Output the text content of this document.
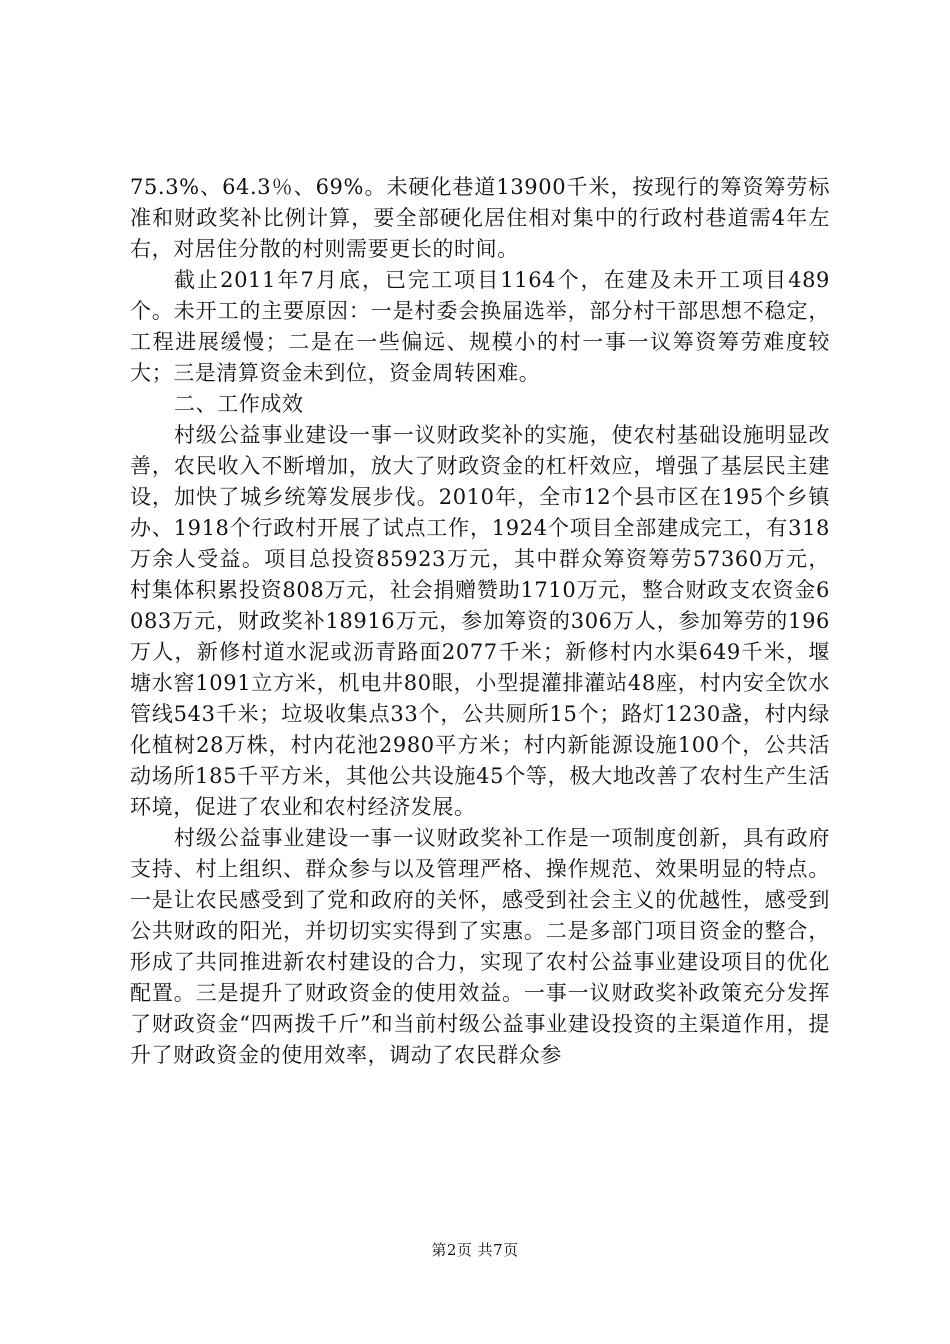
75.3%、64.3％、69%。未硬化巷道13900千米，按现行的筹资筹劳标准和财政奖补比例计算，要全部硬化居住相对集中的行政村巷道需4年左右，对居住分散的村则需要更长的时间。

截止2011年7月底，已完工项目1164个，在建及未开工项目489个。未开工的主要原因：一是村委会换届选举，部分村干部思想不稳定，工程进展缓慢；二是在一些偏远、规模小的村一事一议筹资筹劳难度较大；三是清算资金未到位，资金周转困难。

二、工作成效

村级公益事业建设一事一议财政奖补的实施，使农村基础设施明显改善，农民收入不断增加，放大了财政资金的杠杆效应，增强了基层民主建设，加快了城乡统筹发展步伐。2010年，全市12个县市区在195个乡镇办、1918个行政村开展了试点工作，1924个项目全部建成完工，有318万余人受益。项目总投资85923万元，其中群众筹资筹劳57360万元，村集体积累投资808万元，社会捐赠赞助1710万元，整合财政支农资金6083万元，财政奖补18916万元，参加筹资的306万人，参加筹劳的196万人，新修村道水泥或沥青路面2077千米；新修村内水渠649千米，堰塘水窖1091立方米，机电井80眼，小型提灌排灌站48座，村内安全饮水管线543千米；垃圾收集点33个，公共厕所15个；路灯1230盏，村内绿化植树28万株，村内花池2980平方米；村内新能源设施100个，公共活动场所185千平方米，其他公共设施45个等，极大地改善了农村生产生活环境，促进了农业和农村经济发展。

村级公益事业建设一事一议财政奖补工作是一项制度创新，具有政府支持、村上组织、群众参与以及管理严格、操作规范、效果明显的特点。一是让农民感受到了党和政府的关怀，感受到社会主义的优越性，感受到公共财政的阳光，并切切实实得到了实惠。二是多部门项目资金的整合，形成了共同推进新农村建设的合力，实现了农村公益事业建设项目的优化配置。三是提升了财政资金的使用效益。一事一议财政奖补政策充分发挥了财政资金“四两拨千斤”和当前村级公益事业建设投资的主渠道作用，提升了财政资金的使用效率，调动了农民群众参

第2页 共7页
